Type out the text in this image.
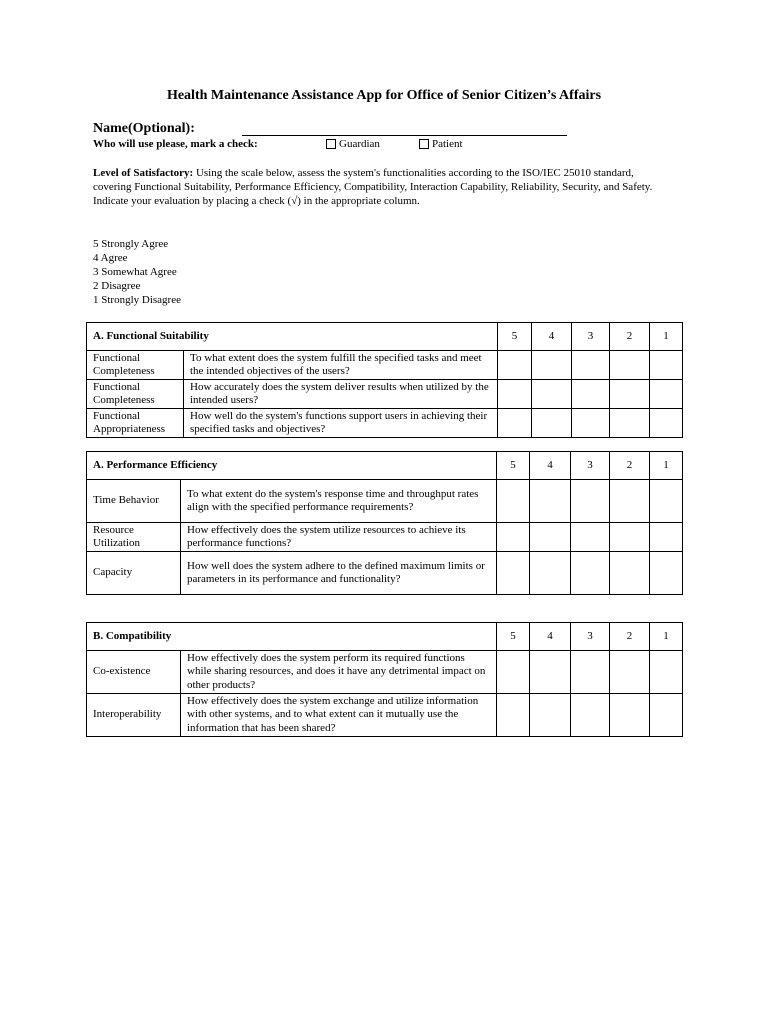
Health Maintenance Assistance App for Office of Senior Citizen’s Affairs
Name(Optional):
Who will use please, mark a check:	Guardian	Patient
Level of Satisfactory: Using the scale below, assess the system's functionalities according to the ISO/IEC 25010 standard, covering Functional Suitability, Performance Efficiency, Compatibility, Interaction Capability, Reliability, Security, and Safety. Indicate your evaluation by placing a check (√) in the appropriate column.
5 Strongly Agree
4 Agree
3 Somewhat Agree
2 Disagree
1 Strongly Disagree
A. Functional Suitability		5	4	3	2	1
Functional Completeness	To what extent does the system fulfill the specified tasks and meet the intended objectives of the users?					
Functional Completeness	How accurately does the system deliver results when utilized by the intended users?					
Functional Appropriateness	How well do the system's functions support users in achieving their specified tasks and objectives?					
A. Performance Efficiency		5	4	3	2	1
Time Behavior	To what extent do the system's response time and throughput rates align with the specified performance requirements?					
Resource Utilization	How effectively does the system utilize resources to achieve its performance functions?					
Capacity	How well does the system adhere to the defined maximum limits or parameters in its performance and functionality?					
B. Compatibility		5	4	3	2	1
Co-existence	How effectively does the system perform its required functions while sharing resources, and does it have any detrimental impact on other products?					
Interoperability	How effectively does the system exchange and utilize information with other systems, and to what extent can it mutually use the information that has been shared?					
